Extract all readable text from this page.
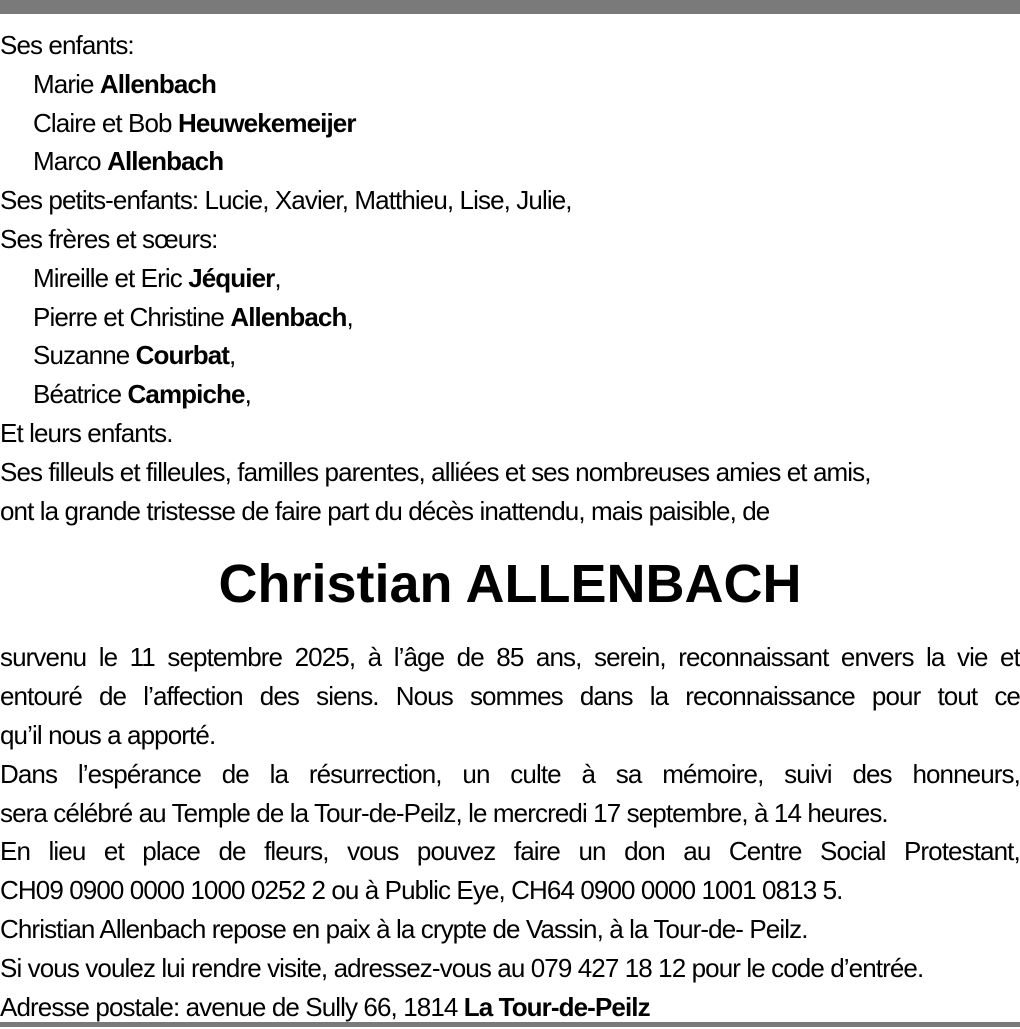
Ses enfants:
Marie Allenbach
Claire et Bob Heuwekemeijer
Marco Allenbach
Ses petits-enfants: Lucie, Xavier, Matthieu, Lise, Julie,
Ses frères et sœurs:
Mireille et Eric Jéquier,
Pierre et Christine Allenbach,
Suzanne Courbat,
Béatrice Campiche,
Et leurs enfants.
Ses filleuls et filleules, familles parentes, alliées et ses nombreuses amies et amis,
ont la grande tristesse de faire part du décès inattendu, mais paisible, de
Christian ALLENBACH
survenu le 11 septembre 2025, à l’âge de 85 ans, serein, reconnaissant envers la vie et
entouré de l’affection des siens. Nous sommes dans la reconnaissance pour tout ce
qu’il nous a apporté.
Dans l’espérance de la résurrection, un culte à sa mémoire, suivi des honneurs,
sera célébré au Temple de la Tour-de-Peilz, le mercredi 17 septembre, à 14 heures.
En lieu et place de fleurs, vous pouvez faire un don au Centre Social Protestant,
CH09 0900 0000 1000 0252 2 ou à Public Eye, CH64 0900 0000 1001 0813 5.
Christian Allenbach repose en paix à la crypte de Vassin, à la Tour-de- Peilz.
Si vous voulez lui rendre visite, adressez-vous au 079 427 18 12 pour le code d’entrée.
Adresse postale: avenue de Sully 66, 1814 La Tour-de-Peilz
